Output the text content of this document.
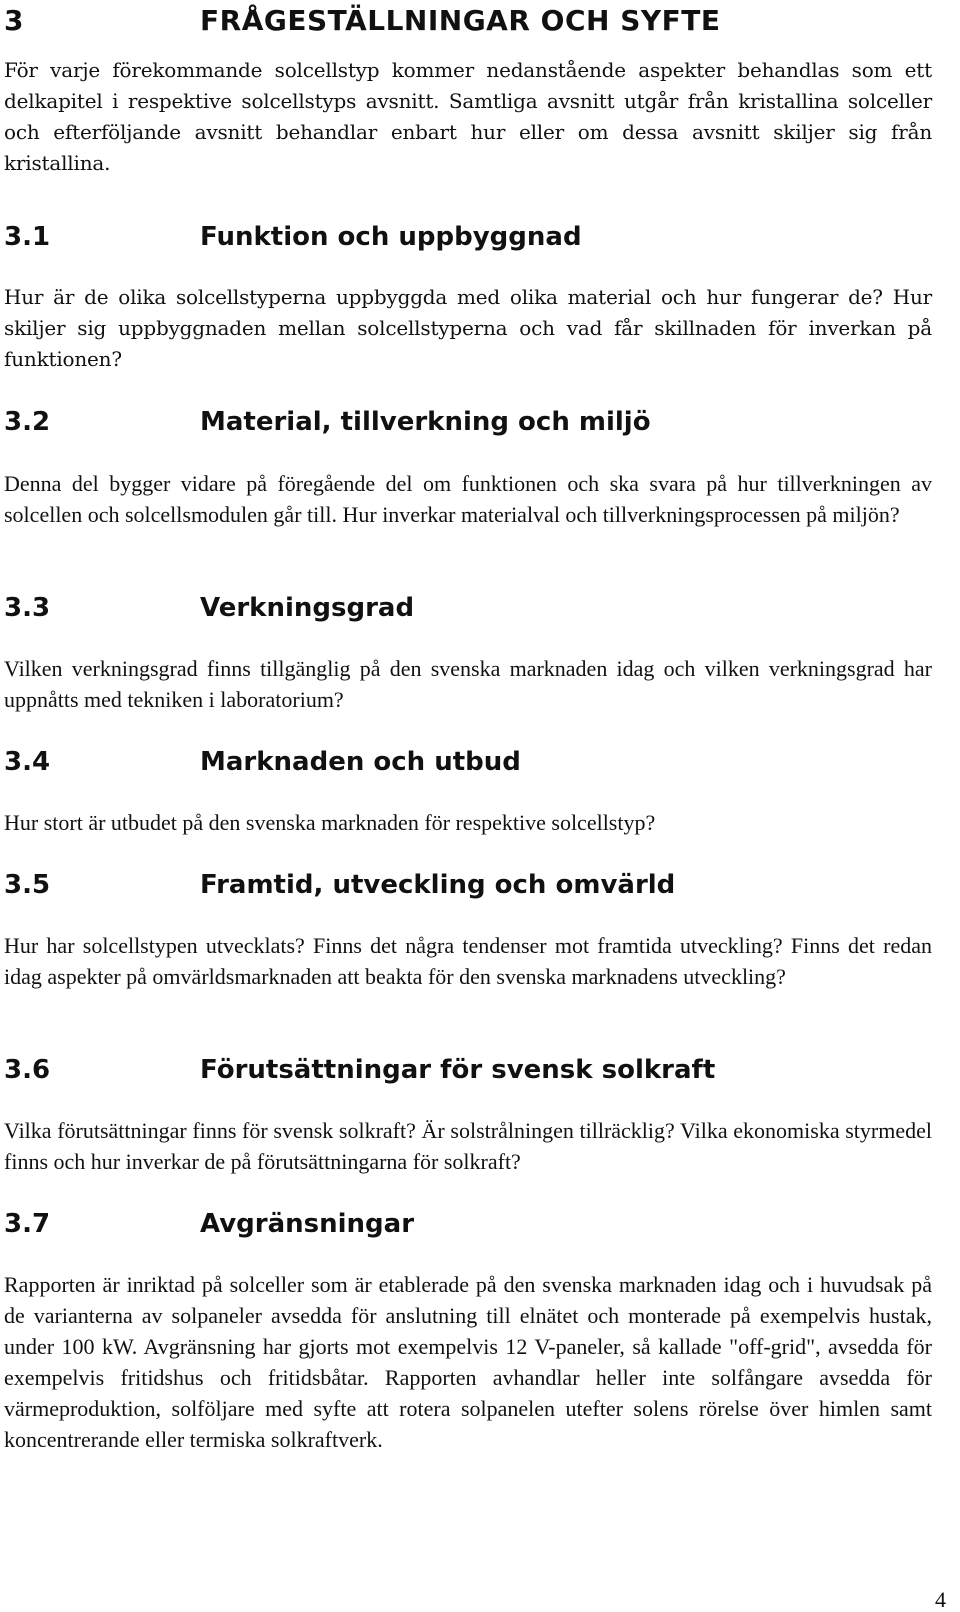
3	FRÅGESTÄLLNINGAR OCH SYFTE

För varje förekommande solcellstyp kommer nedanstående aspekter behandlas som ett delkapitel i respektive solcellstyps avsnitt. Samtliga avsnitt utgår från kristallina solceller och efterföljande avsnitt behandlar enbart hur eller om dessa avsnitt skiljer sig från kristallina.

3.1	Funktion och uppbyggnad

Hur är de olika solcellstyperna uppbyggda med olika material och hur fungerar de? Hur skiljer sig uppbyggnaden mellan solcellstyperna och vad får skillnaden för inverkan på funktionen?

3.2	Material, tillverkning och miljö

Denna del bygger vidare på föregående del om funktionen och ska svara på hur tillverkningen av solcellen och solcellsmodulen går till. Hur inverkar materialval och tillverkningsprocessen på miljön?

3.3	Verkningsgrad

Vilken verkningsgrad finns tillgänglig på den svenska marknaden idag och vilken verkningsgrad har uppnåtts med tekniken i laboratorium?

3.4	Marknaden och utbud

Hur stort är utbudet på den svenska marknaden för respektive solcellstyp?

3.5	Framtid, utveckling och omvärld

Hur har solcellstypen utvecklats? Finns det några tendenser mot framtida utveckling? Finns det redan idag aspekter på omvärldsmarknaden att beakta för den svenska marknadens utveckling?

3.6	Förutsättningar för svensk solkraft

Vilka förutsättningar finns för svensk solkraft? Är solstrålningen tillräcklig? Vilka ekonomiska styrmedel finns och hur inverkar de på förutsättningarna för solkraft?

3.7	Avgränsningar

Rapporten är inriktad på solceller som är etablerade på den svenska marknaden idag och i huvudsak på de varianterna av solpaneler avsedda för anslutning till elnätet och monterade på exempelvis hustak, under 100 kW. Avgränsning har gjorts mot exempelvis 12 V-paneler, så kallade "off-grid", avsedda för exempelvis fritidshus och fritidsbåtar. Rapporten avhandlar heller inte solfångare avsedda för värmeproduktion, solföljare med syfte att rotera solpanelen utefter solens rörelse över himlen samt koncentrerande eller termiska solkraftverk.

4
